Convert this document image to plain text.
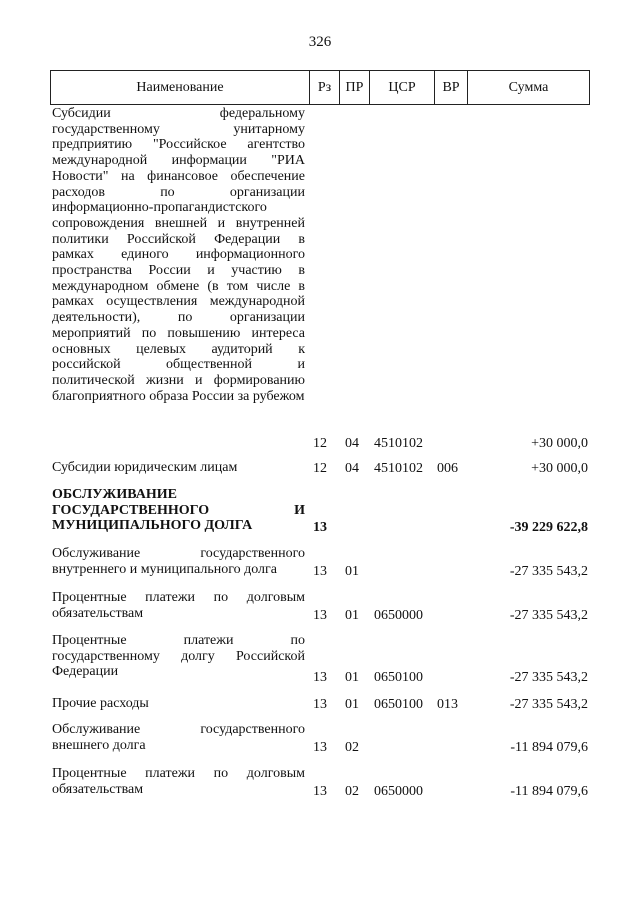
326
Наименование	Рз	ПР	ЦСР	ВР	Сумма
Субсидии федеральному государственному унитарному предприятию "Российское агентство международной информации "РИА Новости" на финансовое обеспечение расходов по организации информационно-пропагандистского сопровождения внешней и внутренней политики Российской Федерации в рамках единого информационного пространства России и участию в международном обмене (в том числе в рамках осуществления международной деятельности), по организации мероприятий по повышению интереса основных целевых аудиторий к российской общественной и политической жизни и формированию благоприятного образа России за рубежом
12 04 4510102	+30 000,0
Субсидии юридическим лицам	12 04 4510102 006	+30 000,0
ОБСЛУЖИВАНИЕ ГОСУДАРСТВЕННОГО И МУНИЦИПАЛЬНОГО ДОЛГА	13	-39 229 622,8
Обслуживание государственного внутреннего и муниципального долга	13 01	-27 335 543,2
Процентные платежи по долговым обязательствам	13 01 0650000	-27 335 543,2
Процентные платежи по государственному долгу Российской Федерации	13 01 0650100	-27 335 543,2
Прочие расходы	13 01 0650100 013	-27 335 543,2
Обслуживание государственного внешнего долга	13 02	-11 894 079,6
Процентные платежи по долговым обязательствам	13 02 0650000	-11 894 079,6
